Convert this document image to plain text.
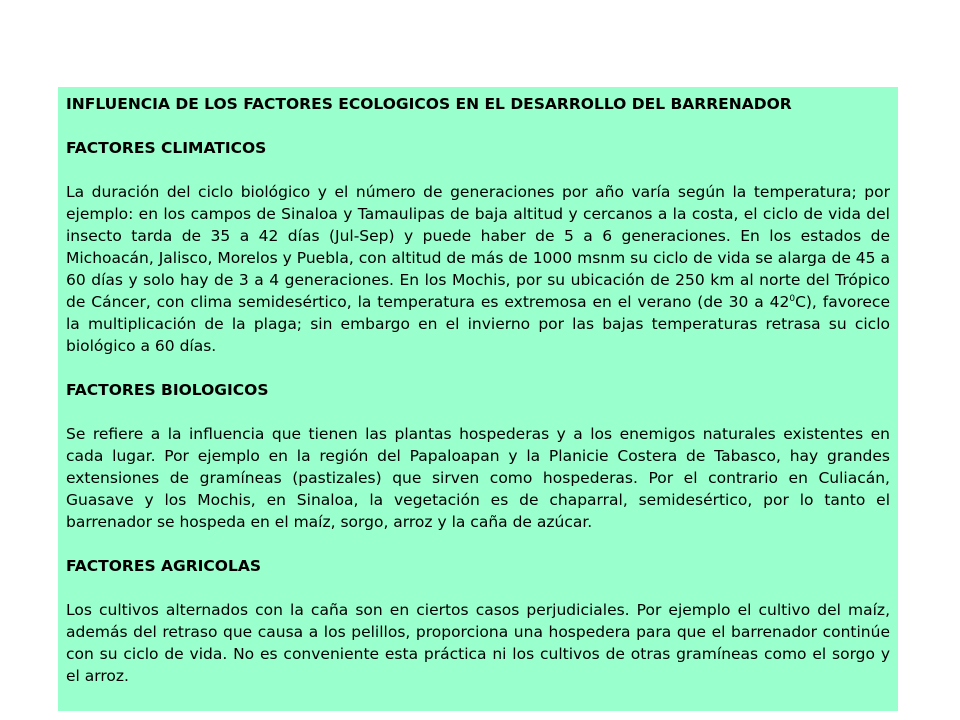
INFLUENCIA DE LOS FACTORES ECOLOGICOS EN EL DESARROLLO DEL BARRENADOR

FACTORES CLIMATICOS

La duración del ciclo biológico y el número de generaciones por año varía según la temperatura; por ejemplo: en los campos de Sinaloa y Tamaulipas de baja altitud y cercanos a la costa, el ciclo de vida del insecto tarda de 35 a 42 días (Jul-Sep) y puede haber de 5 a 6 generaciones. En los estados de Michoacán, Jalisco, Morelos y Puebla, con altitud de más de 1000 msnm su ciclo de vida se alarga de 45 a 60 días y solo hay de 3 a 4 generaciones. En los Mochis, por su ubicación de 250 km al norte del Trópico de Cáncer, con clima semidesértico, la temperatura es extremosa en el verano (de 30 a $42^0C$), favorece la multiplicación de la plaga; sin embargo en el invierno por las bajas temperaturas retrasa su ciclo biológico a 60 días.

FACTORES BIOLOGICOS

Se refiere a la influencia que tienen las plantas hospederas y a los enemigos naturales existentes en cada lugar. Por ejemplo en la región del Papaloapan y la Planicie Costera de Tabasco, hay grandes extensiones de gramíneas (pastizales) que sirven como hospederas. Por el contrario en Culiacán, Guasave y los Mochis, en Sinaloa, la vegetación es de chaparral, semidesértico, por lo tanto el barrenador se hospeda en el maíz, sorgo, arroz y la caña de azúcar.

FACTORES AGRICOLAS

Los cultivos alternados con la caña son en ciertos casos perjudiciales. Por ejemplo el cultivo del maíz, además del retraso que causa a los pelillos, proporciona una hospedera para que el barrenador continúe con su ciclo de vida. No es conveniente esta práctica ni los cultivos de otras gramíneas como el sorgo y el arroz.
